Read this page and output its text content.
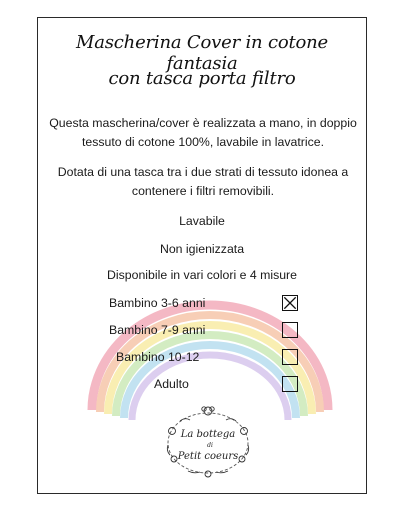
Mascherina Cover in cotone fantasia
con tasca porta filtro
Questa mascherina/cover è realizzata a mano, in doppio tessuto di cotone 100%, lavabile in lavatrice.
Dotata di una tasca tra i due strati di tessuto idonea a contenere i filtri removibili.
Lavabile
Non igienizzata
Disponibile in vari colori e 4 misure
Bambino 3-6 anni
Bambino 7-9 anni
Bambino 10-12
Adulto
La bottega
di
Petit coeurs
